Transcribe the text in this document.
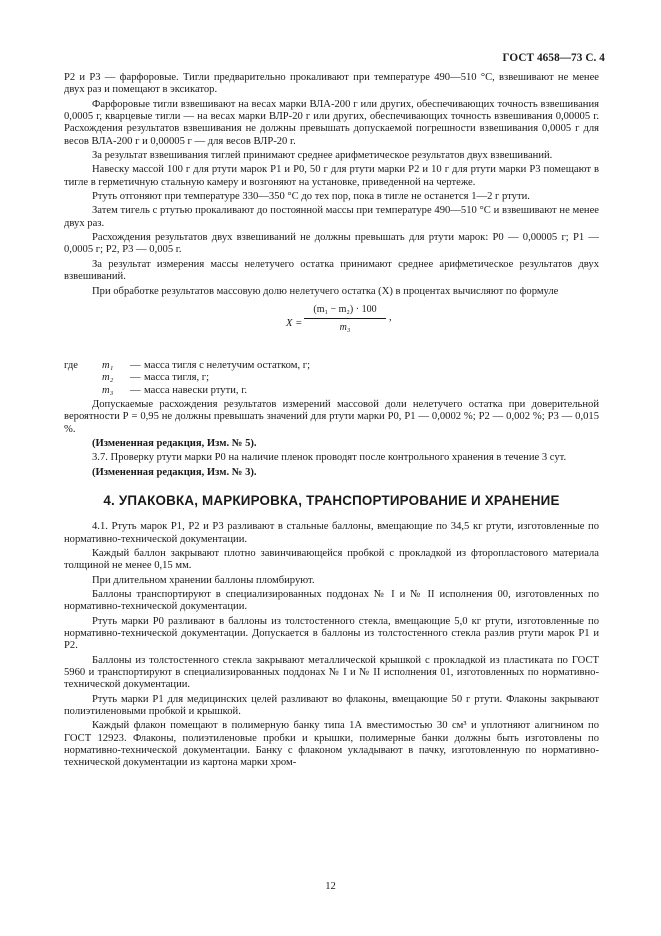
ГОСТ 4658—73 С. 4

Р2 и Р3 — фарфоровые. Тигли предварительно прокаливают при температуре 490—510 °С, взвешивают не менее двух раз и помещают в эксикатор.

Фарфоровые тигли взвешивают на весах марки ВЛА-200 г или других, обеспечивающих точность взвешивания 0,0005 г, кварцевые тигли — на весах марки ВЛР-20 г или других, обеспечивающих точность взвешивания 0,00005 г. Расхождения результатов взвешивания не должны превышать допускаемой погрешности взвешивания 0,0005 г для весов ВЛА-200 г и 0,00005 г — для весов ВЛР-20 г.

За результат взвешивания тиглей принимают среднее арифметическое результатов двух взвешиваний.

Навеску массой 100 г для ртути марок Р1 и Р0, 50 г для ртути марки Р2 и 10 г для ртути марки Р3 помещают в тигле в герметичную стальную камеру и возгоняют на установке, приведенной на чертеже.

Ртуть отгоняют при температуре 330—350 °С до тех пор, пока в тигле не останется 1—2 г ртути.

Затем тигель с ртутью прокаливают до постоянной массы при температуре 490—510 °С и взвешивают не менее двух раз.

Расхождения результатов двух взвешиваний не должны превышать для ртути марок: Р0 — 0,00005 г; Р1 — 0,0005 г; Р2, Р3 — 0,005 г.

За результат измерения массы нелетучего остатка принимают среднее арифметическое результатов двух взвешиваний.

При обработке результатов массовую долю нелетучего остатка (X) в процентах вычисляют по формуле

X =
(m₁ − m₂) · 100
m₃
,
где	m₁	— масса тигля с нелетучим остатком, г;
m₂	— масса тигля, г;
m₃	— масса навески ртути, г.

Допускаемые расхождения результатов измерений массовой доли нелетучего остатка при доверительной вероятности Р = 0,95 не должны превышать значений для ртути марки Р0, Р1 — 0,0002 %; Р2 — 0,002 %; Р3 — 0,015 %.

(Измененная редакция, Изм. № 5).

3.7. Проверку ртути марки Р0 на наличие пленок проводят после контрольного хранения в течение 3 сут.

(Измененная редакция, Изм. № 3).

4. УПАКОВКА, МАРКИРОВКА, ТРАНСПОРТИРОВАНИЕ И ХРАНЕНИЕ

4.1. Ртуть марок Р1, Р2 и Р3 разливают в стальные баллоны, вмещающие по 34,5 кг ртути, изготовленные по нормативно-технической документации.

Каждый баллон закрывают плотно завинчивающейся пробкой с прокладкой из фторопластового материала толщиной не менее 0,15 мм.

При длительном хранении баллоны пломбируют.

Баллоны транспортируют в специализированных поддонах № I и № II исполнения 00, изготовленных по нормативно-технической документации.

Ртуть марки Р0 разливают в баллоны из толстостенного стекла, вмещающие 5,0 кг ртути, изготовленные по нормативно-технической документации. Допускается в баллоны из толстостенного стекла разлив ртути марок Р1 и Р2.

Баллоны из толстостенного стекла закрывают металлической крышкой с прокладкой из пластиката по ГОСТ 5960 и транспортируют в специализированных поддонах № I и № II исполнения 01, изготовленных по нормативно-технической документации.

Ртуть марки Р1 для медицинских целей разливают во флаконы, вмещающие 50 г ртути. Флаконы закрывают полиэтиленовыми пробкой и крышкой.

Каждый флакон помещают в полимерную банку типа 1А вместимостью 30 см³ и уплотняют алигнином по ГОСТ 12923. Флаконы, полиэтиленовые пробки и крышки, полимерные банки должны быть изготовлены по нормативно-технической документации. Банку с флаконом укладывают в пачку, изготовленную по нормативно-технической документации из картона марки хром-

12
